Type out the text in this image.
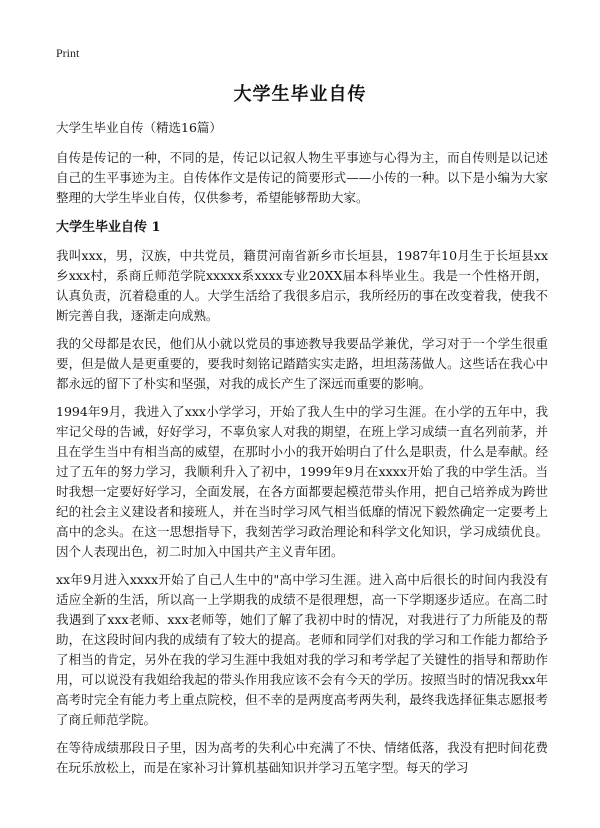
Print
大学生毕业自传

大学生毕业自传（精选16篇）

自传是传记的一种，不同的是，传记以记叙人物生平事迹与心得为主，而自传则是以记述自己的生平事迹为主。自传体作文是传记的简要形式——小传的一种。以下是小编为大家整理的大学生毕业自传，仅供参考，希望能够帮助大家。

大学生毕业自传 1

我叫xxx，男，汉族，中共党员，籍贯河南省新乡市长垣县，1987年10月生于长垣县xx乡xxx村，系商丘师范学院xxxxx系xxxx专业20XX届本科毕业生。我是一个性格开朗，认真负责，沉着稳重的人。大学生活给了我很多启示，我所经历的事在改变着我，使我不断完善自我，逐渐走向成熟。

我的父母都是农民，他们从小就以党员的事迹教导我要品学兼优，学习对于一个学生很重要，但是做人是更重要的，要我时刻铭记踏踏实实走路，坦坦荡荡做人。这些话在我心中都永远的留下了朴实和坚强，对我的成长产生了深远而重要的影响。

1994年9月，我进入了xxx小学学习，开始了我人生中的学习生涯。在小学的五年中，我牢记父母的告诫，好好学习，不辜负家人对我的期望，在班上学习成绩一直名列前茅，并且在学生当中有相当高的威望，在那时小小的我开始明白了什么是职责，什么是奉献。经过了五年的努力学习，我顺利升入了初中，1999年9月在xxxx开始了我的中学生活。当时我想一定要好好学习，全面发展，在各方面都要起模范带头作用，把自己培养成为跨世纪的社会主义建设者和接班人，并在当时学习风气相当低靡的情况下毅然确定一定要考上高中的念头。在这一思想指导下，我刻苦学习政治理论和科学文化知识，学习成绩优良。因个人表现出色，初二时加入中国共产主义青年团。

xx年9月进入xxxx开始了自己人生中的"高中学习生涯。进入高中后很长的时间内我没有适应全新的生活，所以高一上学期我的成绩不是很理想，高一下学期逐步适应。在高二时我遇到了xxx老师、xxx老师等，她们了解了我初中时的情况，对我进行了力所能及的帮助，在这段时间内我的成绩有了较大的提高。老师和同学们对我的学习和工作能力都给予了相当的肯定，另外在我的学习生涯中我姐对我的学习和考学起了关键性的指导和帮助作用，可以说没有我姐给我起的带头作用我应该不会有今天的学历。按照当时的情况我xx年高考时完全有能力考上重点院校，但不幸的是两度高考两失利，最终我选择征集志愿报考了商丘师范学院。

在等待成绩那段日子里，因为高考的失利心中充满了不快、情绪低落，我没有把时间花费在玩乐放松上，而是在家补习计算机基础知识并学习五笔字型。每天的学习
